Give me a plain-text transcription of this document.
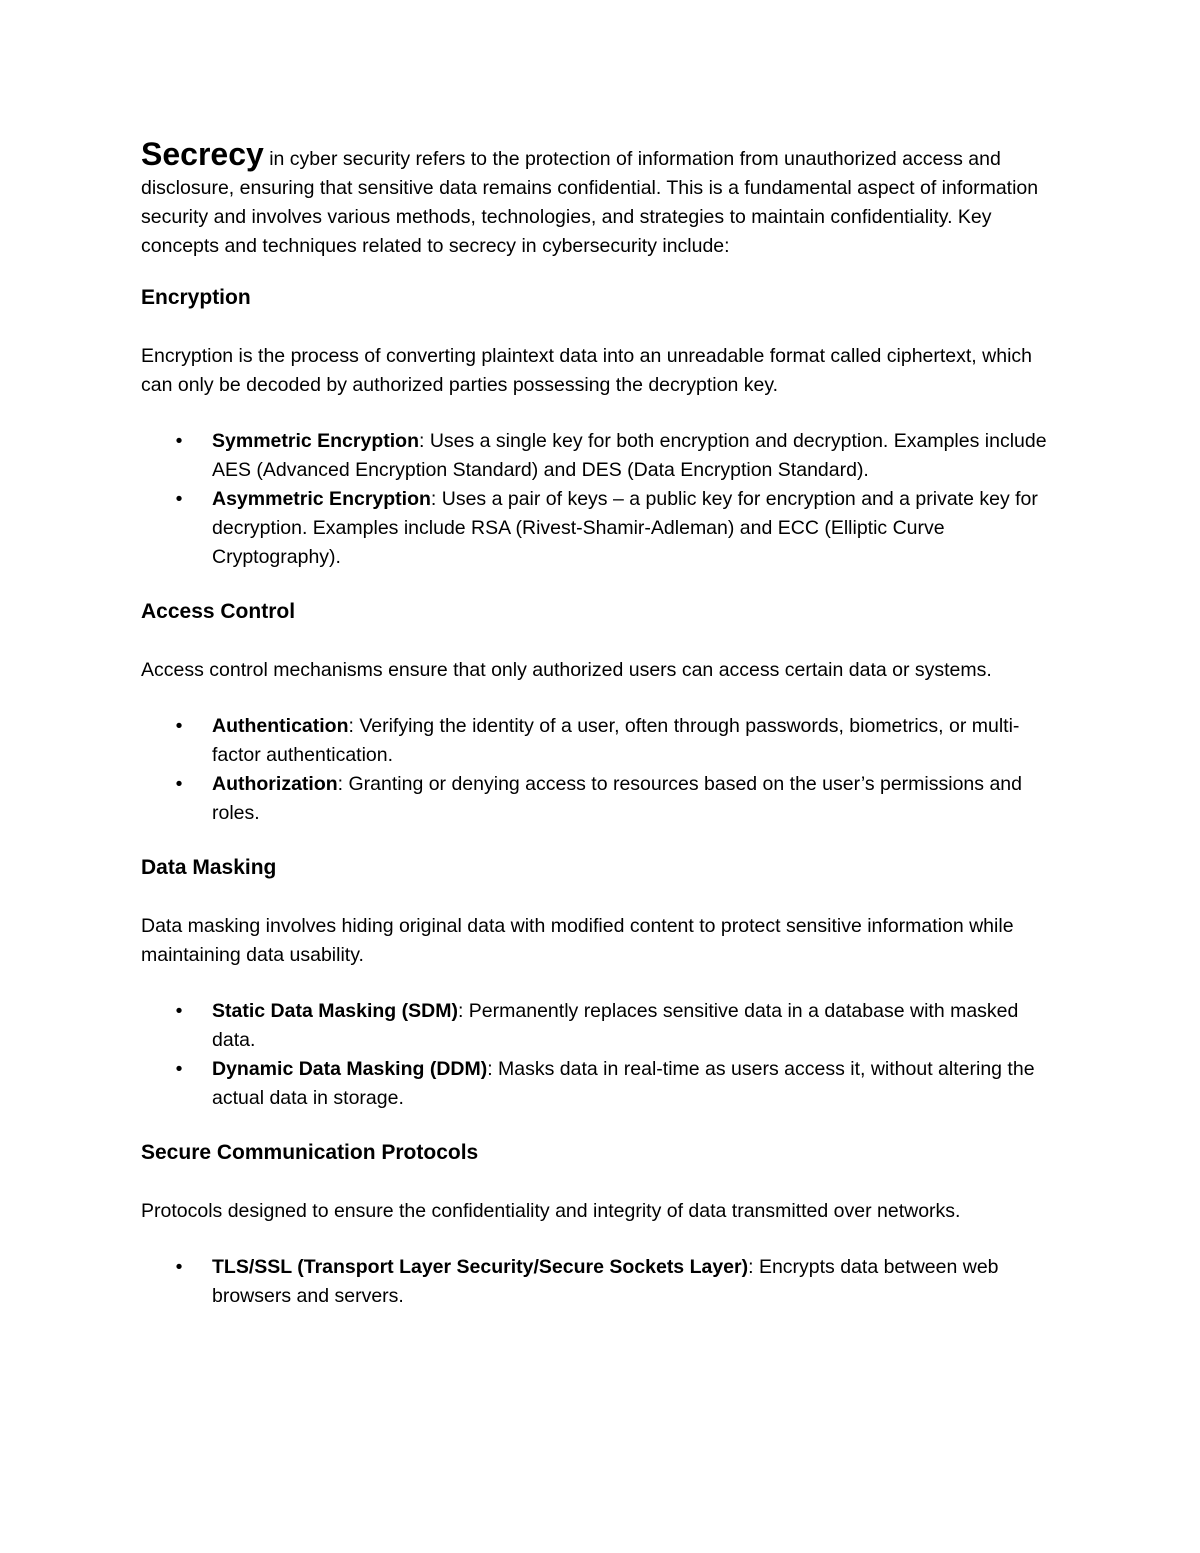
Secrecy in cyber security refers to the protection of information from unauthorized access and disclosure, ensuring that sensitive data remains confidential. This is a fundamental aspect of information security and involves various methods, technologies, and strategies to maintain confidentiality. Key concepts and techniques related to secrecy in cybersecurity include:

Encryption

Encryption is the process of converting plaintext data into an unreadable format called ciphertext, which can only be decoded by authorized parties possessing the decryption key.

• Symmetric Encryption: Uses a single key for both encryption and decryption. Examples include AES (Advanced Encryption Standard) and DES (Data Encryption Standard).
• Asymmetric Encryption: Uses a pair of keys – a public key for encryption and a private key for decryption. Examples include RSA (Rivest-Shamir-Adleman) and ECC (Elliptic Curve Cryptography).
Access Control

Access control mechanisms ensure that only authorized users can access certain data or systems.

• Authentication: Verifying the identity of a user, often through passwords, biometrics, or multi-factor authentication.
• Authorization: Granting or denying access to resources based on the user’s permissions and roles.
Data Masking

Data masking involves hiding original data with modified content to protect sensitive information while maintaining data usability.

• Static Data Masking (SDM): Permanently replaces sensitive data in a database with masked data.
• Dynamic Data Masking (DDM): Masks data in real-time as users access it, without altering the actual data in storage.
Secure Communication Protocols

Protocols designed to ensure the confidentiality and integrity of data transmitted over networks.

• TLS/SSL (Transport Layer Security/Secure Sockets Layer): Encrypts data between web browsers and servers.
